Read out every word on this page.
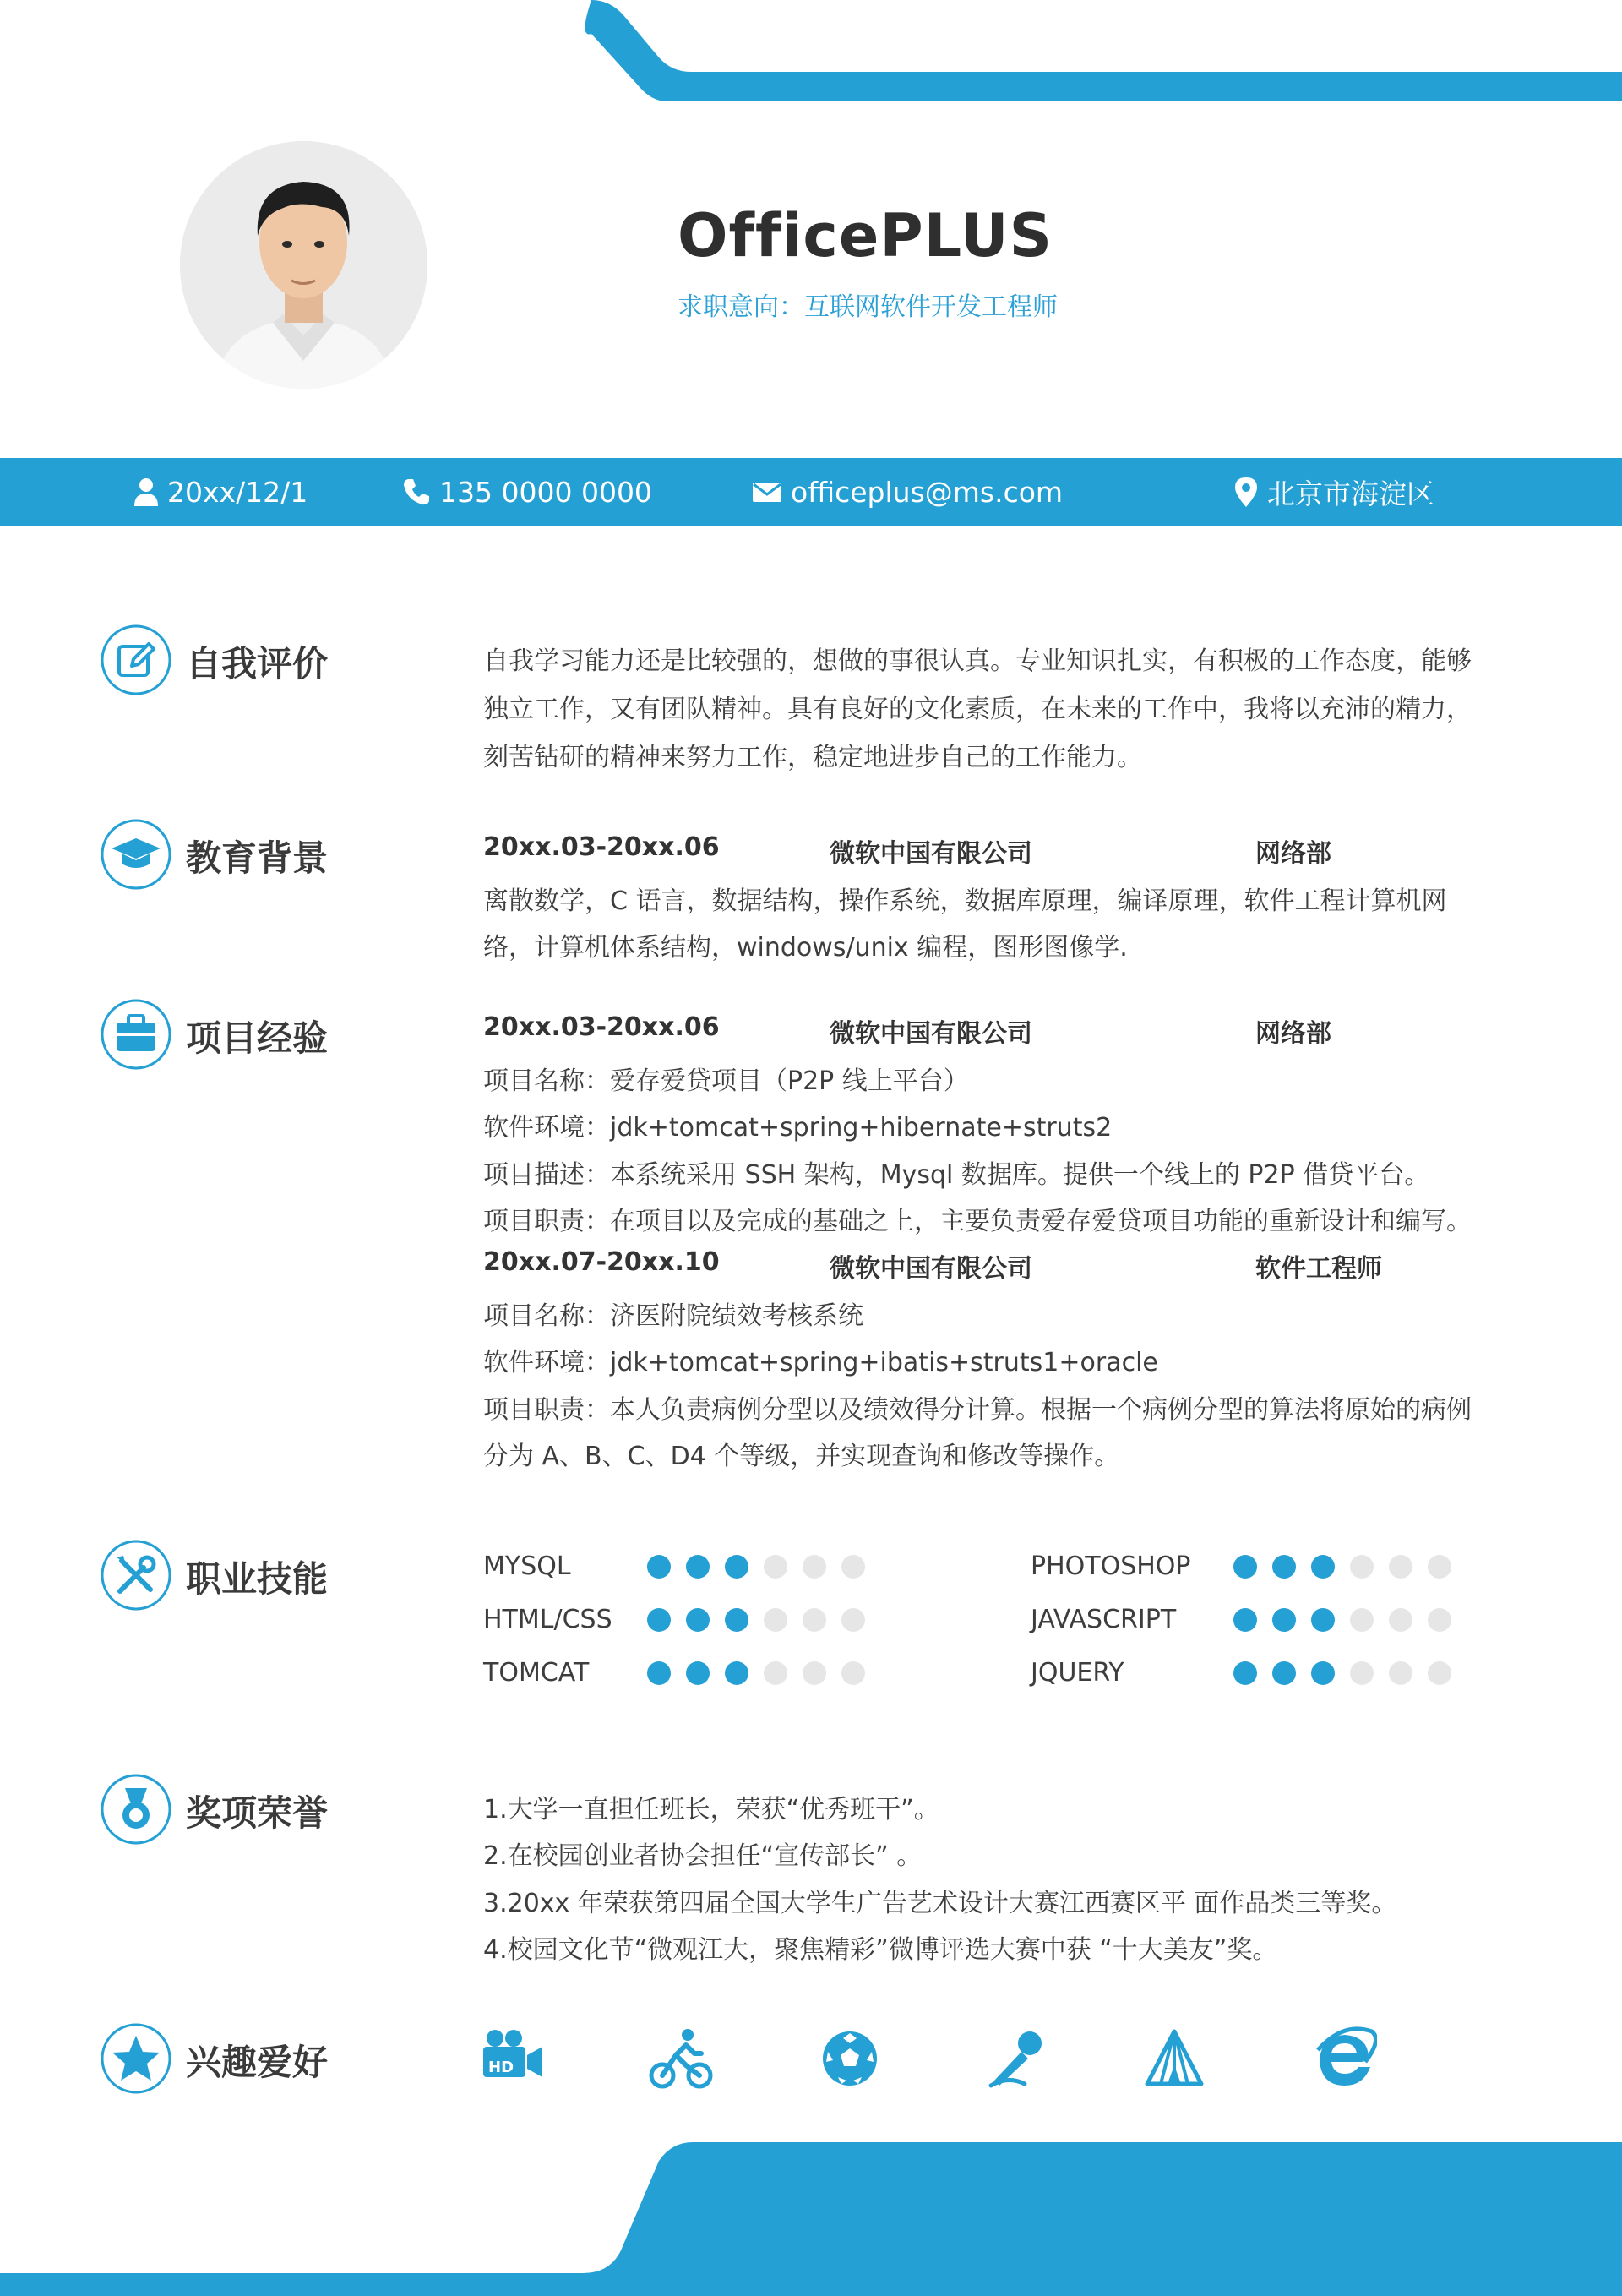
OfficePLUS
求职意向：互联网软件开发工程师
20xx/12/1	135 0000 0000	officeplus@ms.com	北京市海淀区
自我评价	自我学习能力还是比较强的，想做的事很认真。专业知识扎实，有积极的工作态度，能够
独立工作，又有团队精神。具有良好的文化素质，在未来的工作中，我将以充沛的精力，
刻苦钻研的精神来努力工作，稳定地进步自己的工作能力。
教育背景	20xx.03-20xx.06	微软中国有限公司	网络部
离散数学，C 语言，数据结构，操作系统，数据库原理，编译原理，软件工程计算机网
络，计算机体系结构，windows/unix 编程，图形图像学.
项目经验	20xx.03-20xx.06	微软中国有限公司	网络部
项目名称：爱存爱贷项目（P2P 线上平台）
软件环境：jdk+tomcat+spring+hibernate+struts2
项目描述：本系统采用 SSH 架构，Mysql 数据库。提供一个线上的 P2P 借贷平台。
项目职责：在项目以及完成的基础之上，主要负责爱存爱贷项目功能的重新设计和编写。
20xx.07-20xx.10	微软中国有限公司	软件工程师
项目名称：济医附院绩效考核系统
软件环境：jdk+tomcat+spring+ibatis+struts1+oracle
项目职责：本人负责病例分型以及绩效得分计算。根据一个病例分型的算法将原始的病例
分为 A、B、C、D4 个等级，并实现查询和修改等操作。
职业技能	MYSQL	PHOTOSHOP
HTML/CSS	JAVASCRIPT
TOMCAT	JQUERY
奖项荣誉	1.大学一直担任班长，荣获“优秀班干”。
2.在校园创业者协会担任“宣传部长” 。
3.20xx 年荣获第四届全国大学生广告艺术设计大赛江西赛区平 面作品类三等奖。
4.校园文化节“微观江大，聚焦精彩”微博评选大赛中获 “十大美友”奖。
兴趣爱好	HD
